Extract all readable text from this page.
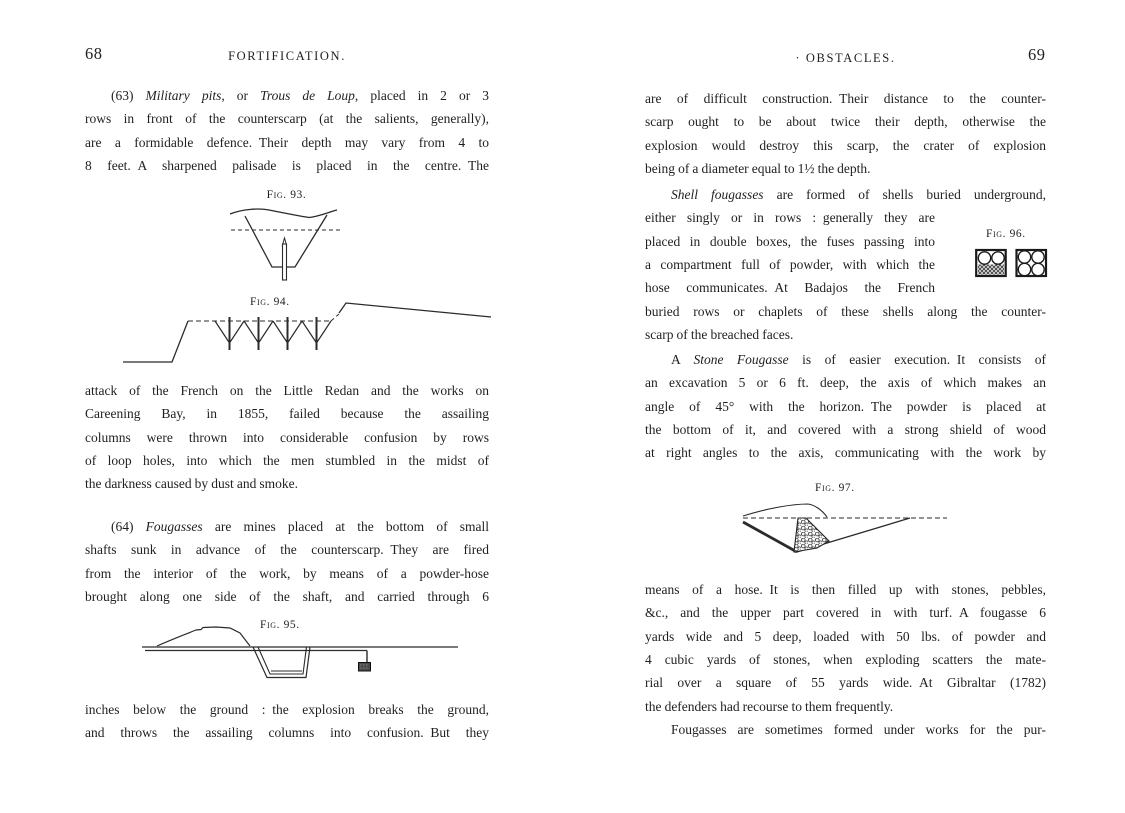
68	FORTIFICATION.
(63) Military pits, or Trous de Loup, placed in 2 or 3
rows in front of the counterscarp (at the salients, generally),
are a formidable defence. Their depth may vary from 4 to
8 feet. A sharpened palisade is placed in the centre. The
Fig. 93.
Fig. 94.
attack of the French on the Little Redan and the works on
Careening Bay, in 1855, failed because the assailing
columns were thrown into considerable confusion by rows
of loop holes, into which the men stumbled in the midst of
the darkness caused by dust and smoke.
(64) Fougasses are mines placed at the bottom of small
shafts sunk in advance of the counterscarp. They are fired
from the interior of the work, by means of a powder-hose
brought along one side of the shaft, and carried through 6
Fig. 95.
inches below the ground : the explosion breaks the ground,
and throws the assailing columns into confusion. But they
· OBSTACLES.	69
are of difficult construction. Their distance to the counter-
scarp ought to be about twice their depth, otherwise the
explosion would destroy this scarp, the crater of explosion
being of a diameter equal to 1½ the depth.
Shell fougasses are formed of shells buried underground,
either singly or in rows : generally they are
placed in double boxes, the fuses passing into
a compartment full of powder, with which the
hose communicates. At Badajos the French
buried rows or chaplets of these shells along the counter-
scarp of the breached faces.
Fig. 96.
A Stone Fougasse is of easier execution. It consists of
an excavation 5 or 6 ft. deep, the axis of which makes an
angle of 45° with the horizon. The powder is placed at
the bottom of it, and covered with a strong shield of wood
at right angles to the axis, communicating with the work by
Fig. 97.
means of a hose. It is then filled up with stones, pebbles,
&c., and the upper part covered in with turf. A fougasse 6
yards wide and 5 deep, loaded with 50 lbs. of powder and
4 cubic yards of stones, when exploding scatters the mate-
rial over a square of 55 yards wide. At Gibraltar (1782)
the defenders had recourse to them frequently.
Fougasses are sometimes formed under works for the pur-
